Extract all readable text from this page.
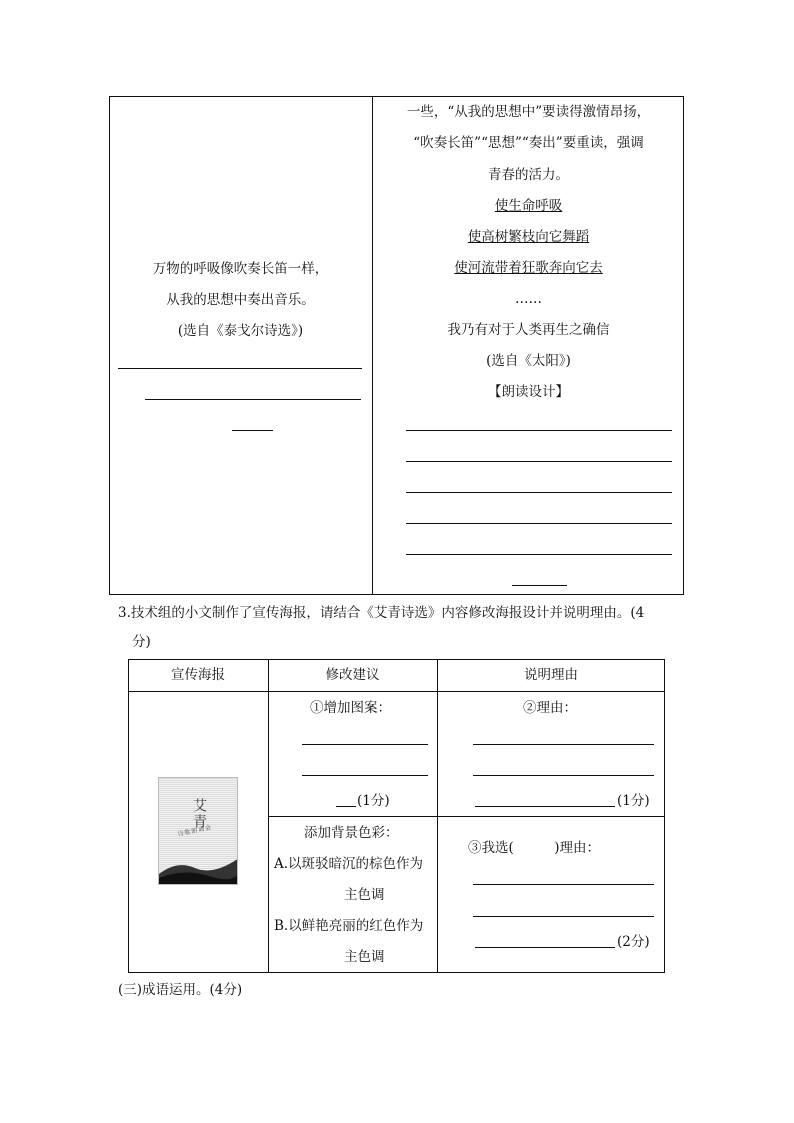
万物的呼吸像吹奏长笛一样，
从我的思想中奏出音乐。
(选自《泰戈尔诗选》)
一些，“从我的思想中”要读得激情昂扬，
“吹奏长笛”“思想”“奏出”要重读，强调
青春的活力。
使生命呼吸
使高树繁枝向它舞蹈
使河流带着狂歌奔向它去
……
我乃有对于人类再生之确信
(选自《太阳》)
【朗读设计】
3.技术组的小文制作了宣传海报，请结合《艾青诗选》内容修改海报设计并说明理由。(4
分)
宣传海报	修改建议	说明理由
艾青
诗歌朗诵会
①增加图案：
(1分)
②理由：
(1分)
添加背景色彩：
A.以斑驳暗沉的棕色作为
主色调
B.以鲜艳亮丽的红色作为
主色调
③我选(　　　)理由：
(2分)
(三)成语运用。(4分)
